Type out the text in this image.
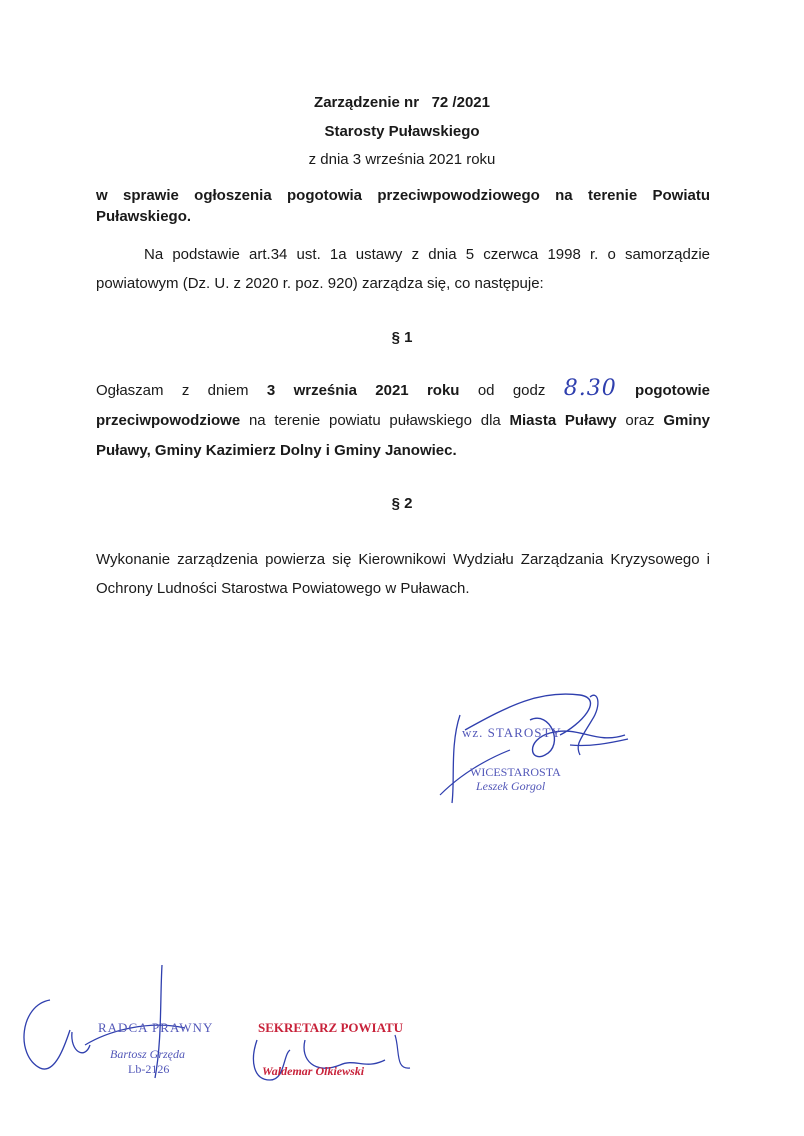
Zarządzenie nr 72 /2021
Starosty Puławskiego
z dnia 3 września 2021 roku
w sprawie ogłoszenia pogotowia przeciwpowodziowego na terenie Powiatu Puławskiego.
Na podstawie art.34 ust. 1a ustawy z dnia 5 czerwca 1998 r. o samorządzie powiatowym (Dz. U. z 2020 r. poz. 920) zarządza się, co następuje:
§ 1
Ogłaszam z dniem 3 września 2021 roku od godz 8.30 pogotowie przeciwpowodziowe na terenie powiatu puławskiego dla Miasta Puławy oraz Gminy Puławy, Gminy Kazimierz Dolny i Gminy Janowiec.
§ 2
Wykonanie zarządzenia powierza się Kierownikowi Wydziału Zarządzania Kryzysowego i Ochrony Ludności Starostwa Powiatowego w Puławach.
wz. STAROSTY
WICESTAROSTA
Leszek Gorgol
RADCA PRAWNY
Bartosz Grzęda
Lb-2126
SEKRETARZ POWIATU
Waldemar Olkiewski
